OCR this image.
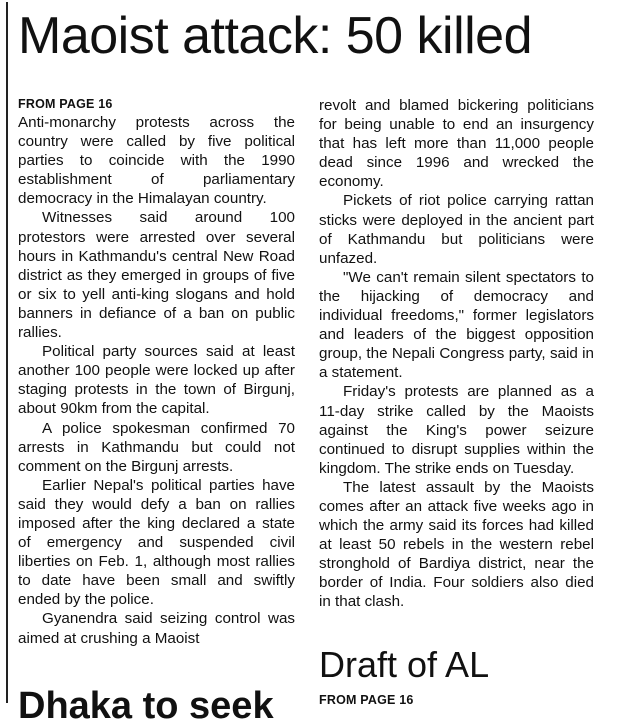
Maoist attack: 50 killed

FROM PAGE 16

Anti-monarchy protests across the country were called by five political parties to coincide with the 1990 establishment of parliamentary democracy in the Himalayan country.

Witnesses said around 100 protestors were arrested over several hours in Kathmandu's central New Road district as they emerged in groups of five or six to yell anti-king slogans and hold banners in defiance of a ban on public rallies.

Political party sources said at least another 100 people were locked up after staging protests in the town of Birgunj, about 90km from the capital.

A police spokesman confirmed 70 arrests in Kathmandu but could not comment on the Birgunj arrests.

Earlier Nepal's political parties have said they would defy a ban on rallies imposed after the king declared a state of emergency and suspended civil liberties on Feb. 1, although most rallies to date have been small and swiftly ended by the police.

Gyanendra said seizing control was aimed at crushing a Maoist

revolt and blamed bickering politicians for being unable to end an insurgency that has left more than 11,000 people dead since 1996 and wrecked the economy.

Pickets of riot police carrying rattan sticks were deployed in the ancient part of Kathmandu but politicians were unfazed.

"We can't remain silent spectators to the hijacking of democracy and individual freedoms," former legislators and leaders of the biggest opposition group, the Nepali Congress party, said in a statement.

Friday's protests are planned as a 11-day strike called by the Maoists against the King's power seizure continued to disrupt supplies within the kingdom. The strike ends on Tuesday.

The latest assault by the Maoists comes after an attack five weeks ago in which the army said its forces had killed at least 50 rebels in the western rebel stronghold of Bardiya district, near the border of India. Four soldiers also died in that clash.

Draft of AL

FROM PAGE 16

Dhaka to seek
